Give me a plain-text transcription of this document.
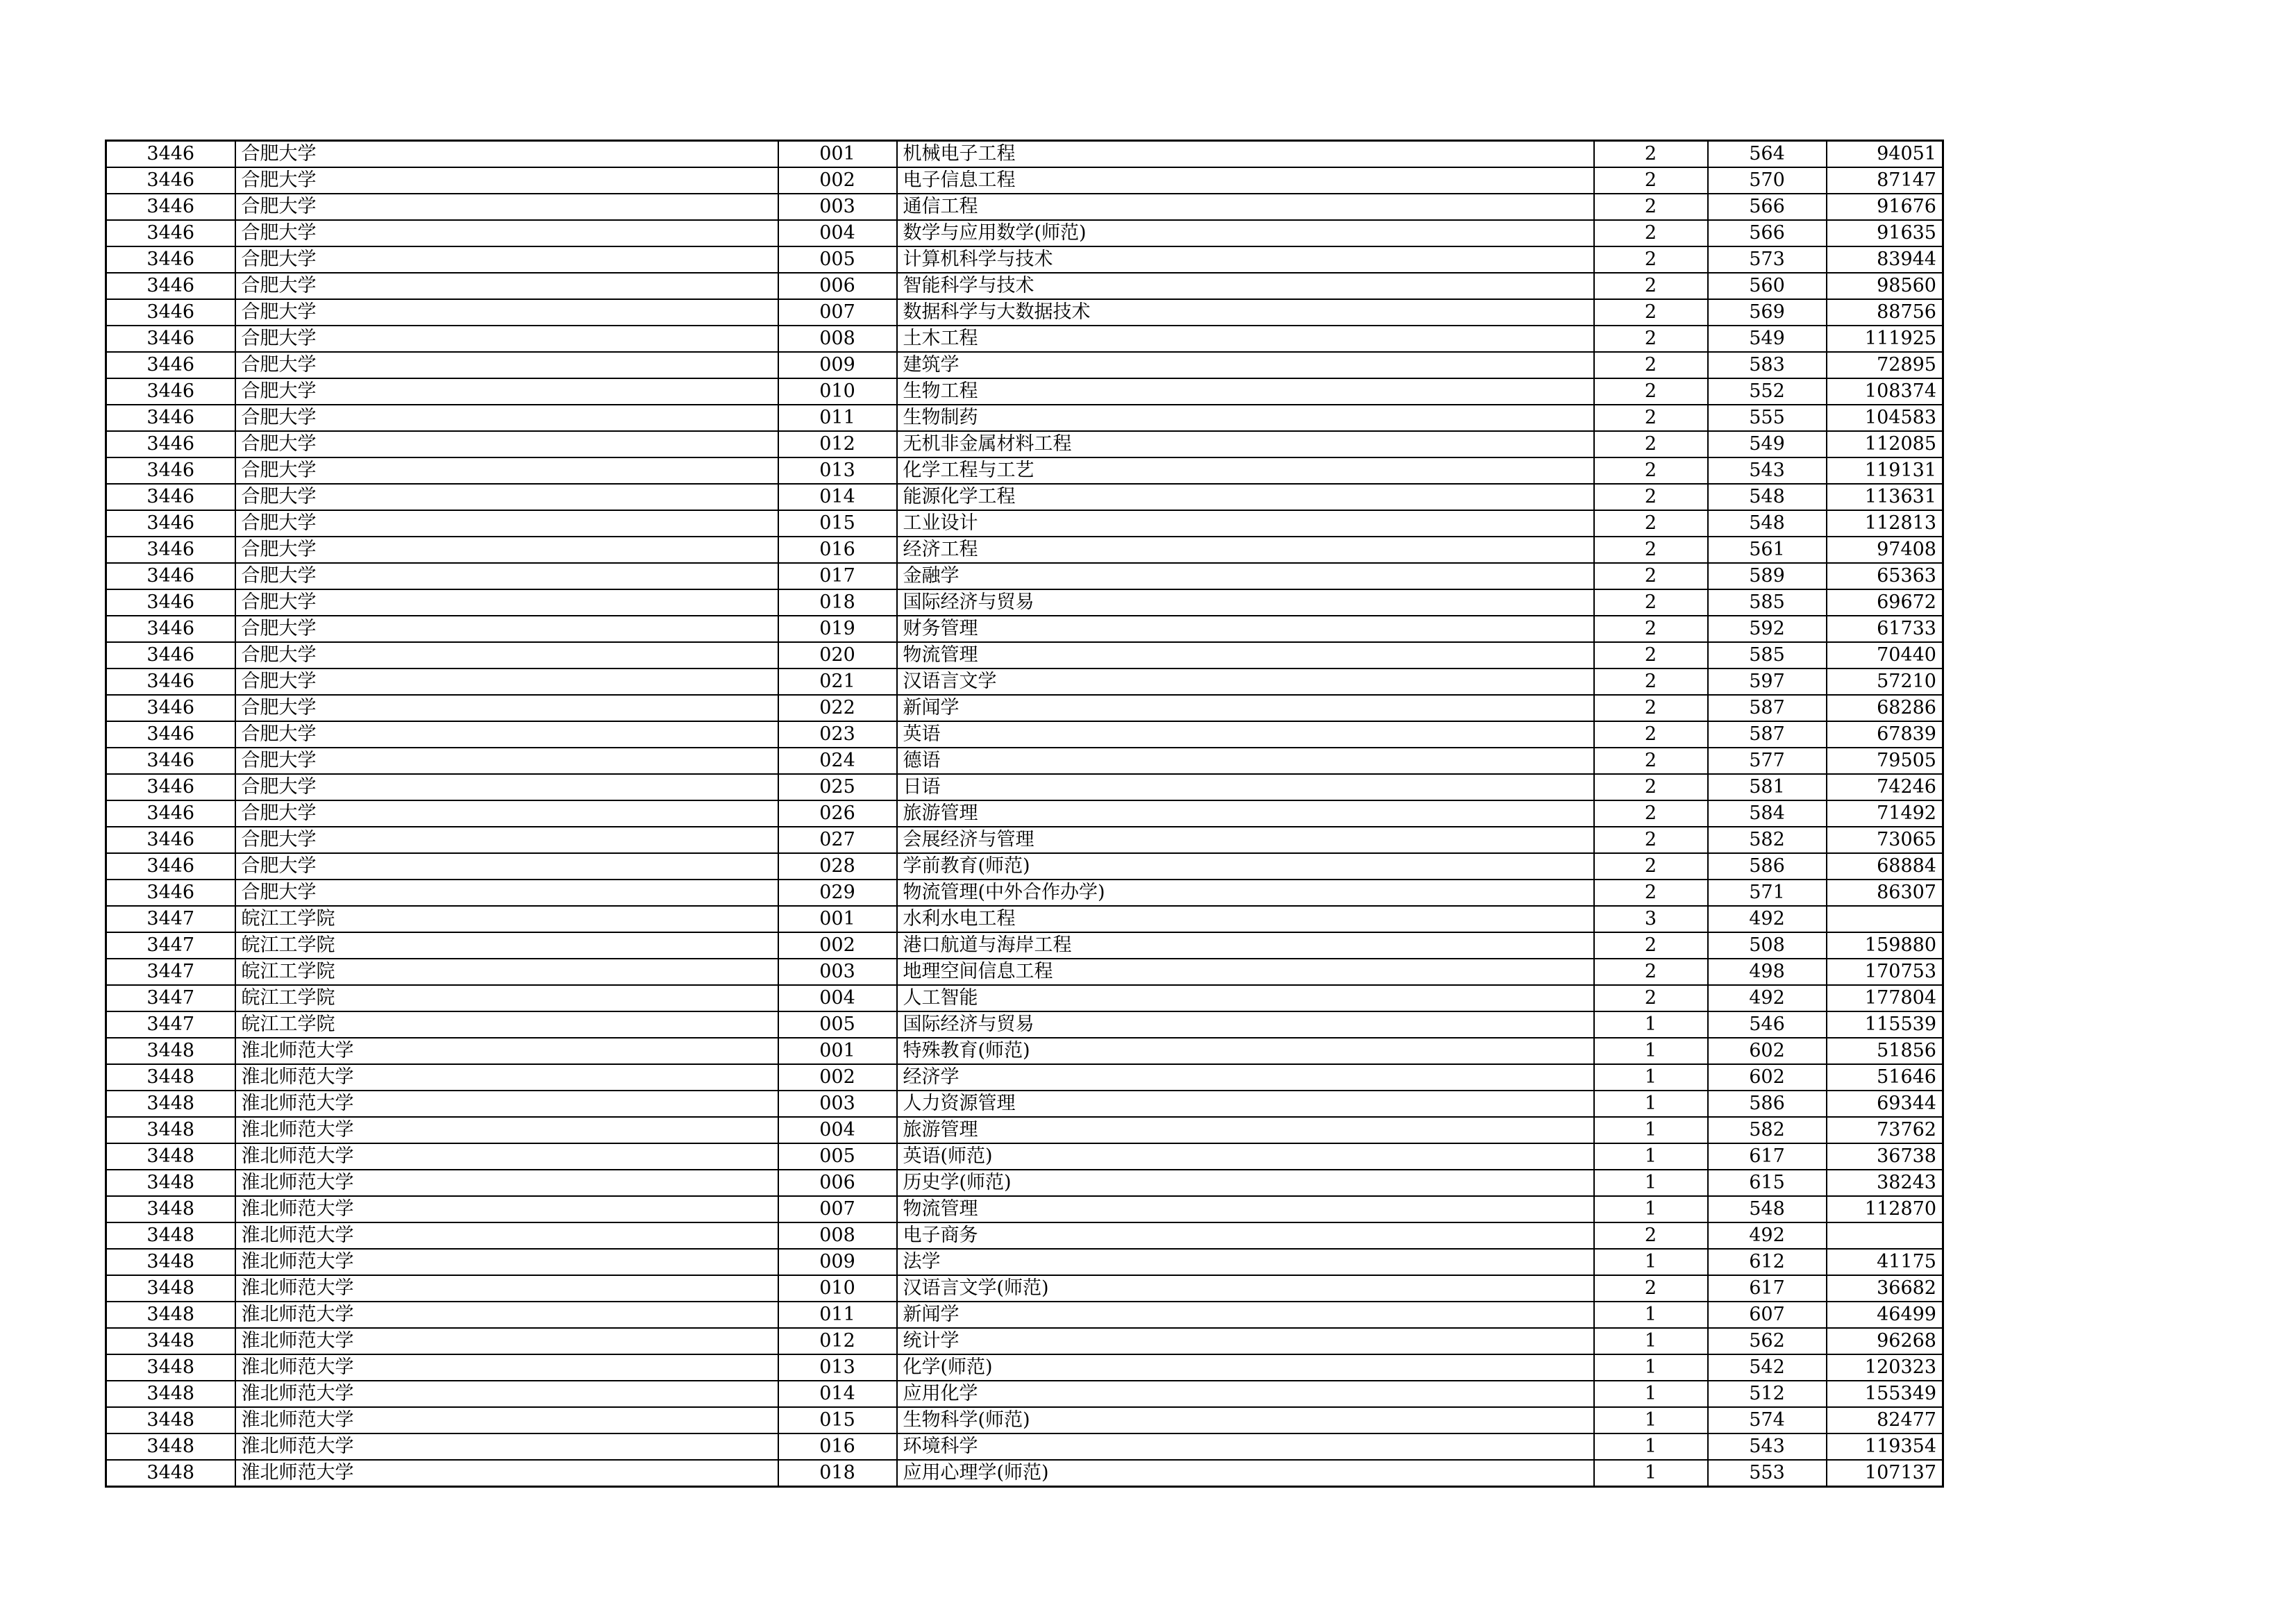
3446	合肥大学	001	机械电子工程	2	564	94051
3446	合肥大学	002	电子信息工程	2	570	87147
3446	合肥大学	003	通信工程	2	566	91676
3446	合肥大学	004	数学与应用数学(师范)	2	566	91635
3446	合肥大学	005	计算机科学与技术	2	573	83944
3446	合肥大学	006	智能科学与技术	2	560	98560
3446	合肥大学	007	数据科学与大数据技术	2	569	88756
3446	合肥大学	008	土木工程	2	549	111925
3446	合肥大学	009	建筑学	2	583	72895
3446	合肥大学	010	生物工程	2	552	108374
3446	合肥大学	011	生物制药	2	555	104583
3446	合肥大学	012	无机非金属材料工程	2	549	112085
3446	合肥大学	013	化学工程与工艺	2	543	119131
3446	合肥大学	014	能源化学工程	2	548	113631
3446	合肥大学	015	工业设计	2	548	112813
3446	合肥大学	016	经济工程	2	561	97408
3446	合肥大学	017	金融学	2	589	65363
3446	合肥大学	018	国际经济与贸易	2	585	69672
3446	合肥大学	019	财务管理	2	592	61733
3446	合肥大学	020	物流管理	2	585	70440
3446	合肥大学	021	汉语言文学	2	597	57210
3446	合肥大学	022	新闻学	2	587	68286
3446	合肥大学	023	英语	2	587	67839
3446	合肥大学	024	德语	2	577	79505
3446	合肥大学	025	日语	2	581	74246
3446	合肥大学	026	旅游管理	2	584	71492
3446	合肥大学	027	会展经济与管理	2	582	73065
3446	合肥大学	028	学前教育(师范)	2	586	68884
3446	合肥大学	029	物流管理(中外合作办学)	2	571	86307
3447	皖江工学院	001	水利水电工程	3	492	
3447	皖江工学院	002	港口航道与海岸工程	2	508	159880
3447	皖江工学院	003	地理空间信息工程	2	498	170753
3447	皖江工学院	004	人工智能	2	492	177804
3447	皖江工学院	005	国际经济与贸易	1	546	115539
3448	淮北师范大学	001	特殊教育(师范)	1	602	51856
3448	淮北师范大学	002	经济学	1	602	51646
3448	淮北师范大学	003	人力资源管理	1	586	69344
3448	淮北师范大学	004	旅游管理	1	582	73762
3448	淮北师范大学	005	英语(师范)	1	617	36738
3448	淮北师范大学	006	历史学(师范)	1	615	38243
3448	淮北师范大学	007	物流管理	1	548	112870
3448	淮北师范大学	008	电子商务	2	492	
3448	淮北师范大学	009	法学	1	612	41175
3448	淮北师范大学	010	汉语言文学(师范)	2	617	36682
3448	淮北师范大学	011	新闻学	1	607	46499
3448	淮北师范大学	012	统计学	1	562	96268
3448	淮北师范大学	013	化学(师范)	1	542	120323
3448	淮北师范大学	014	应用化学	1	512	155349
3448	淮北师范大学	015	生物科学(师范)	1	574	82477
3448	淮北师范大学	016	环境科学	1	543	119354
3448	淮北师范大学	018	应用心理学(师范)	1	553	107137
